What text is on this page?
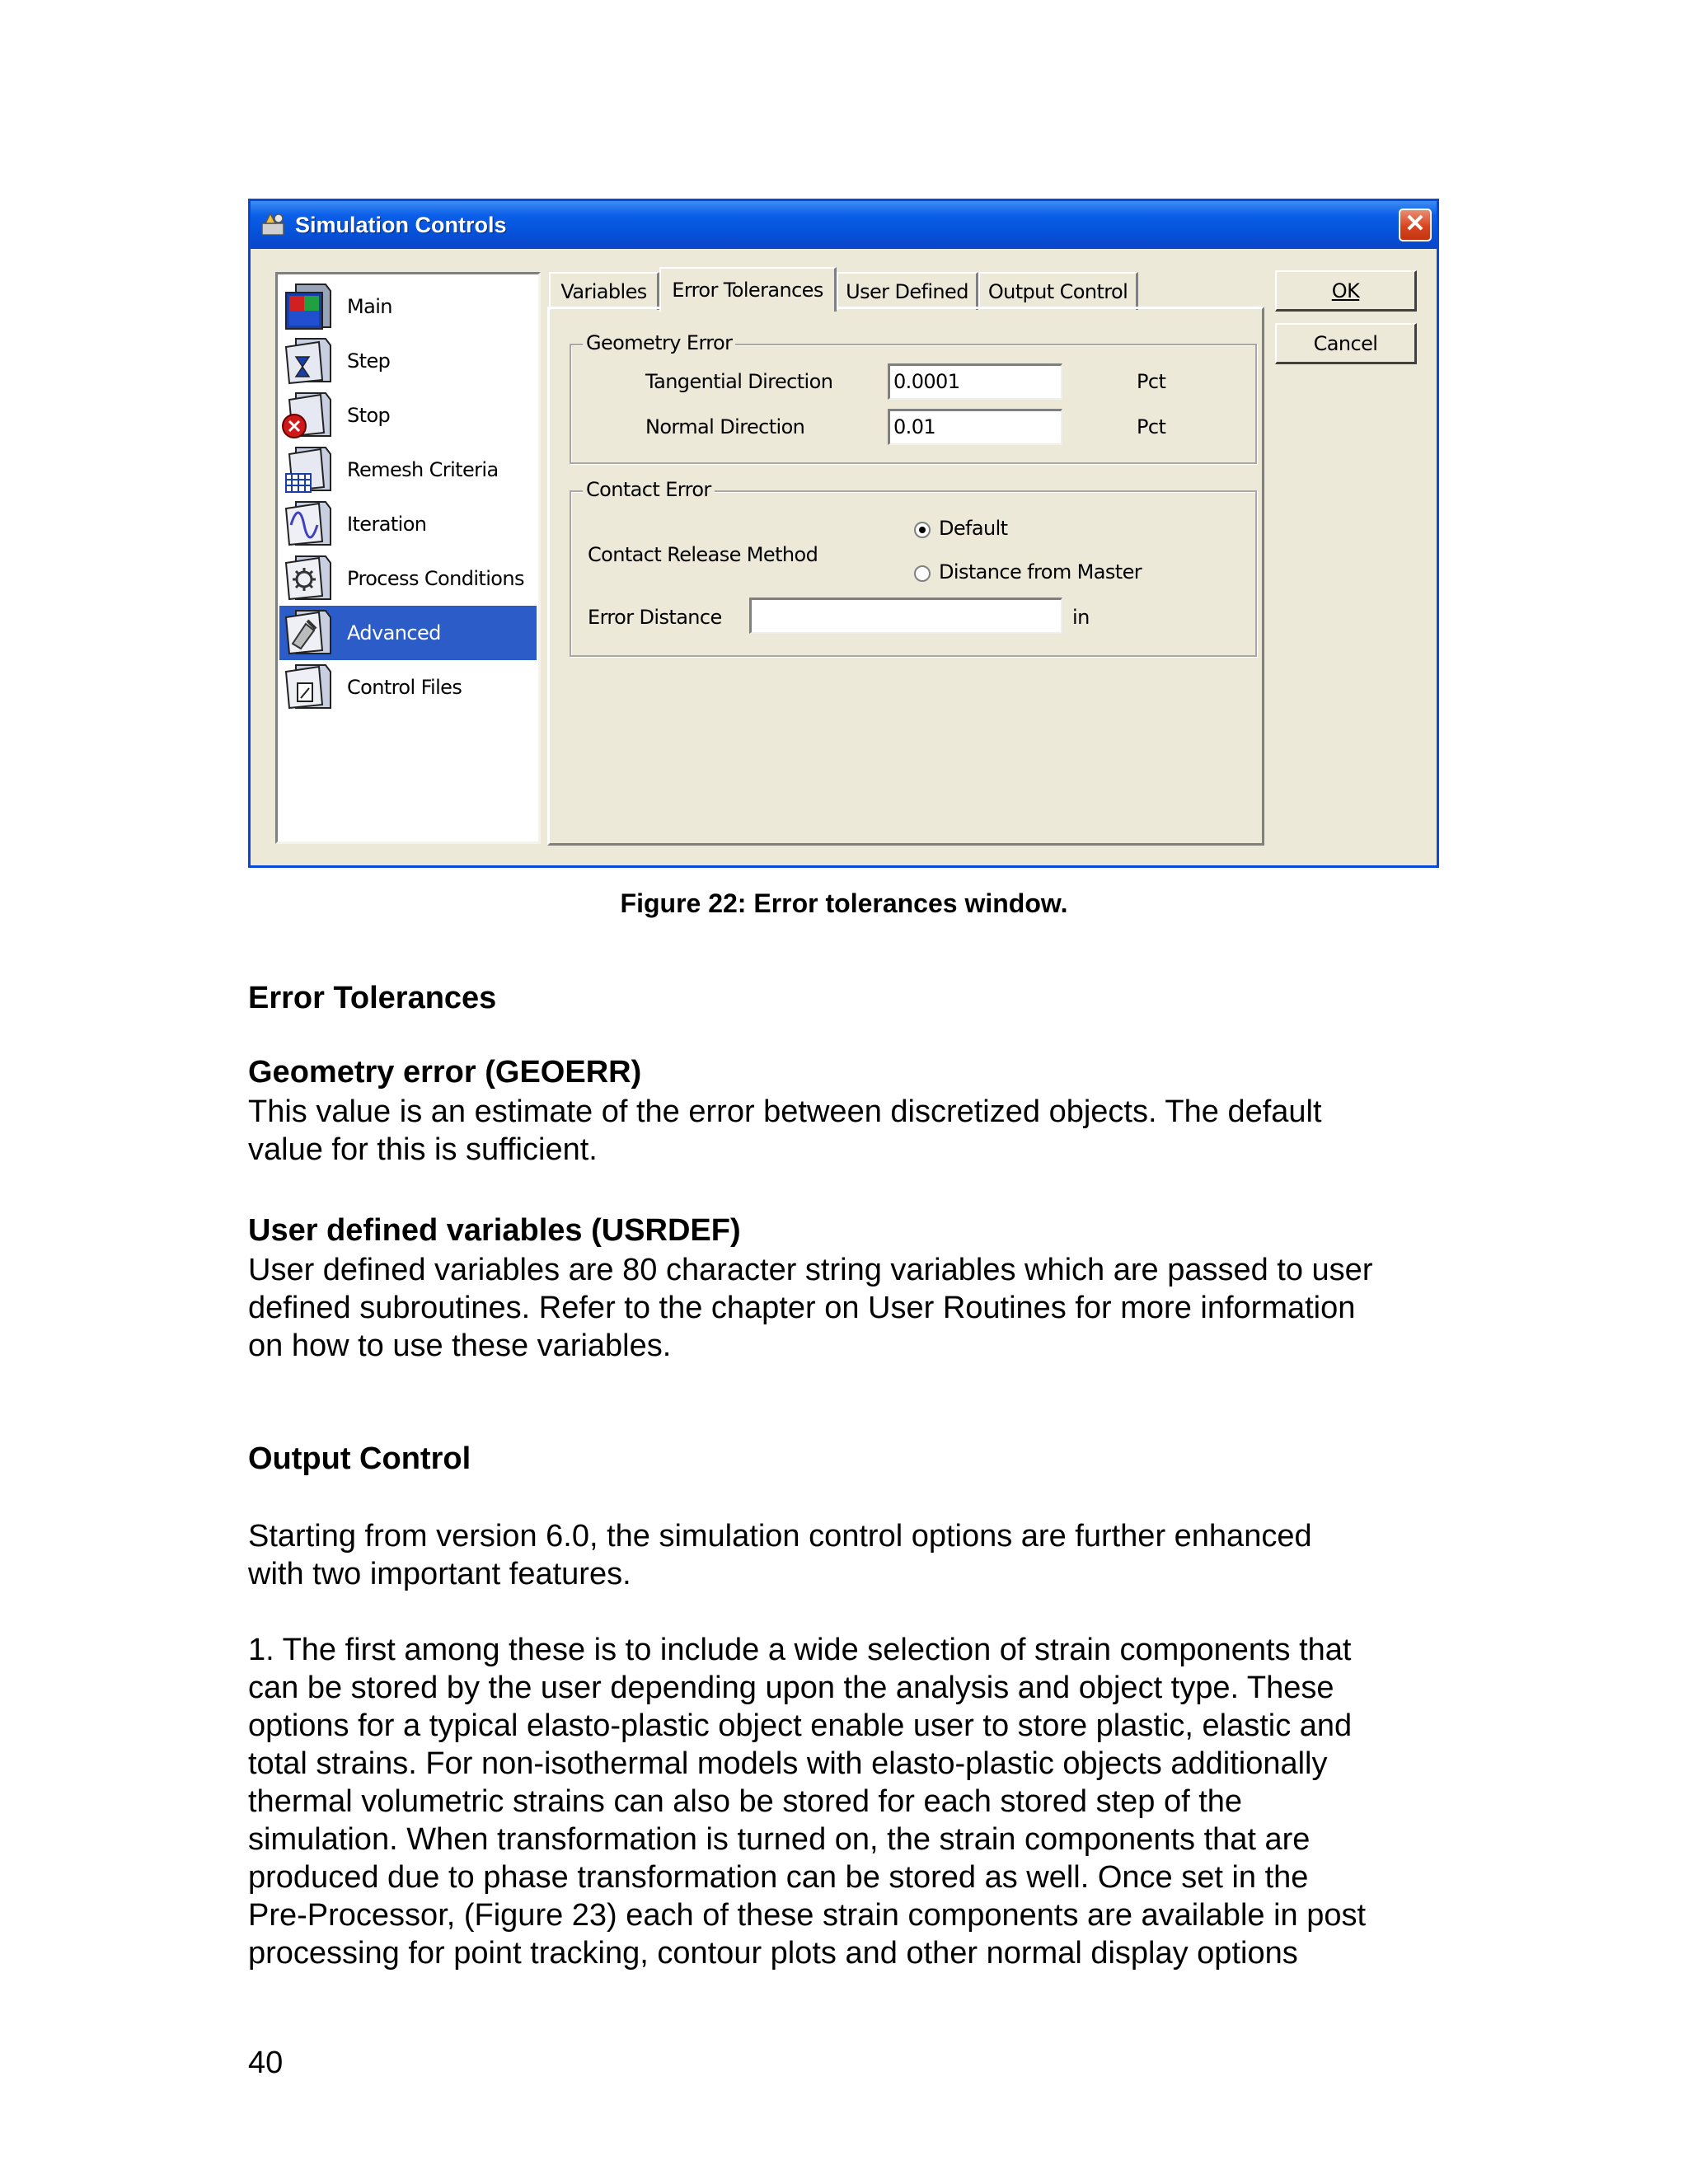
Simulation Controls	✕
Main
Step
Stop
Remesh Criteria
Iteration
Process Conditions
Advanced
Control Files
Variables Error Tolerances User Defined Output Control
Geometry Error
Tangential Direction	0.0001	Pct
Normal Direction	0.01	Pct
Contact Error
Contact Release Method
Default
Distance from Master
Error Distance	in
OK
Cancel
Figure 22: Error tolerances window.
Error Tolerances
Geometry error (GEOERR)
This value is an estimate of the error between discretized objects. The default
value for this is sufficient.
User defined variables (USRDEF)
User defined variables are 80 character string variables which are passed to user
defined subroutines. Refer to the chapter on User Routines for more information
on how to use these variables.
Output Control
Starting from version 6.0, the simulation control options are further enhanced
with two important features.
1. The first among these is to include a wide selection of strain components that
can be stored by the user depending upon the analysis and object type. These
options for a typical elasto-plastic object enable user to store plastic, elastic and
total strains. For non-isothermal models with elasto-plastic objects additionally
thermal volumetric strains can also be stored for each stored step of the
simulation. When transformation is turned on, the strain components that are
produced due to phase transformation can be stored as well. Once set in the
Pre-Processor, (Figure 23) each of these strain components are available in post
processing for point tracking, contour plots and other normal display options
40
